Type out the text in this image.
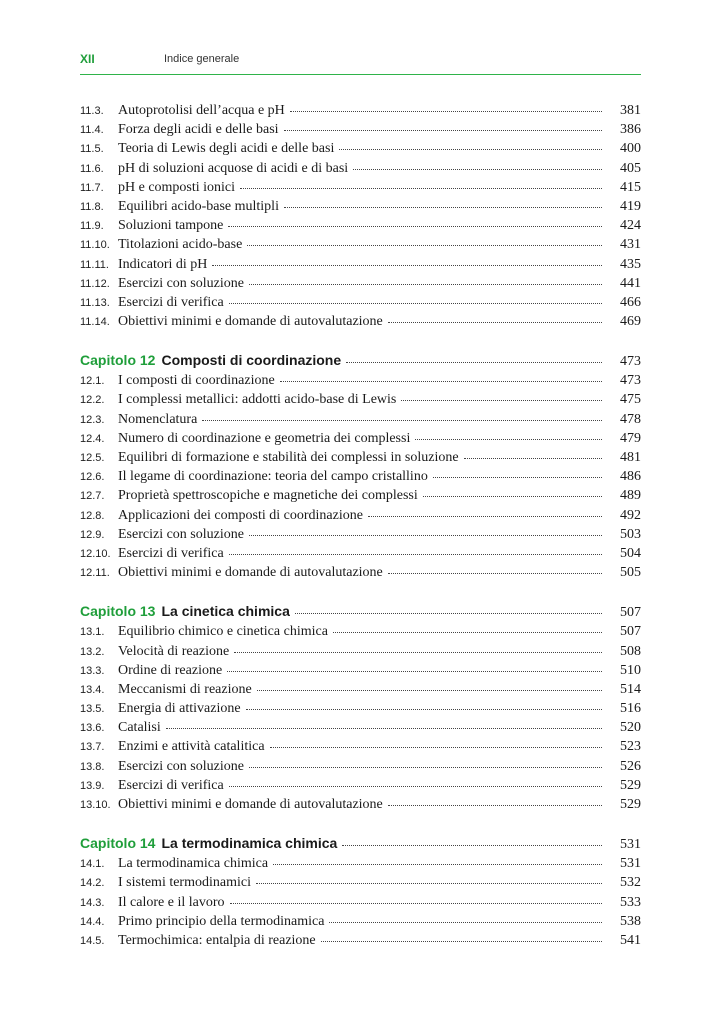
XII	Indice generale
11.3.	Autoprotolisi dell’acqua e pH	381
11.4.	Forza degli acidi e delle basi	386
11.5.	Teoria di Lewis degli acidi e delle basi	400
11.6.	pH di soluzioni acquose di acidi e di basi	405
11.7.	pH e composti ionici	415
11.8.	Equilibri acido-base multipli	419
11.9.	Soluzioni tampone	424
11.10. Titolazioni acido-base	431
11.11. Indicatori di pH	435
11.12. Esercizi con soluzione	441
11.13. Esercizi di verifica	466
11.14. Obiettivi minimi e domande di autovalutazione	469
Capitolo 12 Composti di coordinazione	473
12.1. I composti di coordinazione	473
12.2. I complessi metallici: addotti acido-base di Lewis	475
12.3. Nomenclatura	478
12.4. Numero di coordinazione e geometria dei complessi	479
12.5. Equilibri di formazione e stabilità dei complessi in soluzione	481
12.6. Il legame di coordinazione: teoria del campo cristallino	486
12.7. Proprietà spettroscopiche e magnetiche dei complessi	489
12.8. Applicazioni dei composti di coordinazione	492
12.9. Esercizi con soluzione	503
12.10. Esercizi di verifica	504
12.11. Obiettivi minimi e domande di autovalutazione	505
Capitolo 13 La cinetica chimica	507
13.1. Equilibrio chimico e cinetica chimica	507
13.2. Velocità di reazione	508
13.3. Ordine di reazione	510
13.4. Meccanismi di reazione	514
13.5. Energia di attivazione	516
13.6. Catalisi	520
13.7. Enzimi e attività catalitica	523
13.8. Esercizi con soluzione	526
13.9. Esercizi di verifica	529
13.10. Obiettivi minimi e domande di autovalutazione	529
Capitolo 14 La termodinamica chimica	531
14.1. La termodinamica chimica	531
14.2. I sistemi termodinamici	532
14.3. Il calore e il lavoro	533
14.4. Primo principio della termodinamica	538
14.5. Termochimica: entalpia di reazione	541
